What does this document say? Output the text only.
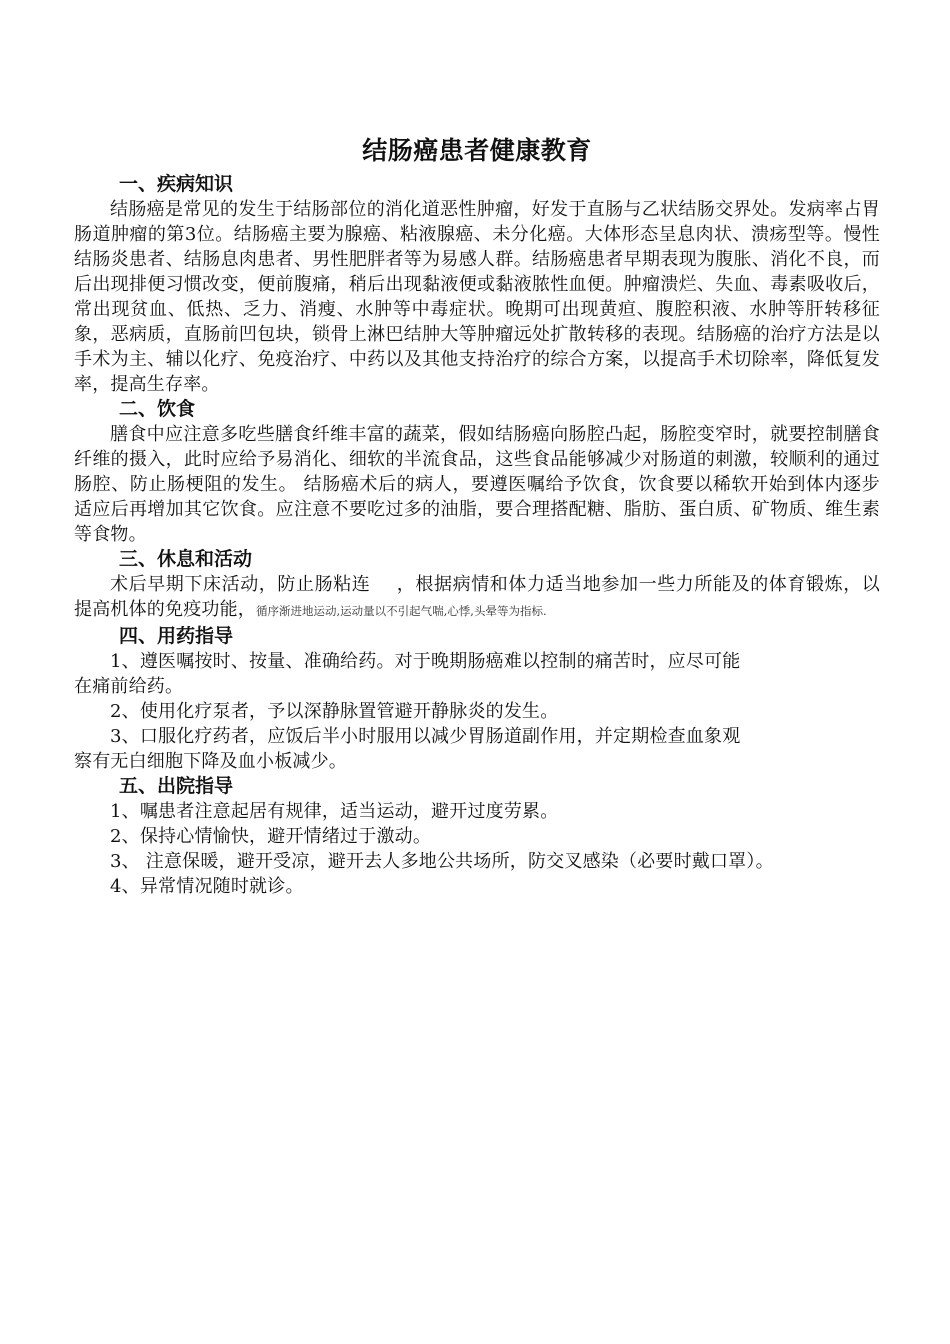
结肠癌患者健康教育
一、疾病知识

结肠癌是常见的发生于结肠部位的消化道恶性肿瘤，好发于直肠与乙状结肠交界处。发病率占胃肠道肿瘤的第3位。结肠癌主要为腺癌、粘液腺癌、未分化癌。大体形态呈息肉状、溃疡型等。慢性结肠炎患者、结肠息肉患者、男性肥胖者等为易感人群。结肠癌患者早期表现为腹胀、消化不良，而后出现排便习惯改变，便前腹痛，稍后出现黏液便或黏液脓性血便。肿瘤溃烂、失血、毒素吸收后，常出现贫血、低热、乏力、消瘦、水肿等中毒症状。晚期可出现黄疸、腹腔积液、水肿等肝转移征象，恶病质，直肠前凹包块，锁骨上淋巴结肿大等肿瘤远处扩散转移的表现。结肠癌的治疗方法是以手术为主、辅以化疗、免疫治疗、中药以及其他支持治疗的综合方案，以提高手术切除率，降低复发率，提高生存率。

二、饮食

膳食中应注意多吃些膳食纤维丰富的蔬菜，假如结肠癌向肠腔凸起，肠腔变窄时，就要控制膳食纤维的摄入，此时应给予易消化、细软的半流食品，这些食品能够减少对肠道的刺激，较顺利的通过肠腔、防止肠梗阻的发生。 结肠癌术后的病人，要遵医嘱给予饮食，饮食要以稀软开始到体内逐步适应后再增加其它饮食。应注意不要吃过多的油脂，要合理搭配糖、脂肪、蛋白质、矿物质、维生素等食物。

三、休息和活动

术后早期下床活动，防止肠粘连 ，根据病情和体力适当地参加一些力所能及的体育锻炼，以提高机体的免疫功能，循序渐进地运动,运动量以不引起气喘,心悸,头晕等为指标.

四、用药指导

1、遵医嘱按时、按量、准确给药。对于晚期肠癌难以控制的痛苦时，应尽可能

在痛前给药。

2、使用化疗泵者，予以深静脉置管避开静脉炎的发生。

3、口服化疗药者，应饭后半小时服用以减少胃肠道副作用，并定期检查血象观

察有无白细胞下降及血小板减少。

五、出院指导

1、嘱患者注意起居有规律，适当运动，避开过度劳累。

2、保持心情愉快，避开情绪过于激动。

3、 注意保暖，避开受凉，避开去人多地公共场所，防交叉感染（必要时戴口罩）。

4、异常情况随时就诊。
